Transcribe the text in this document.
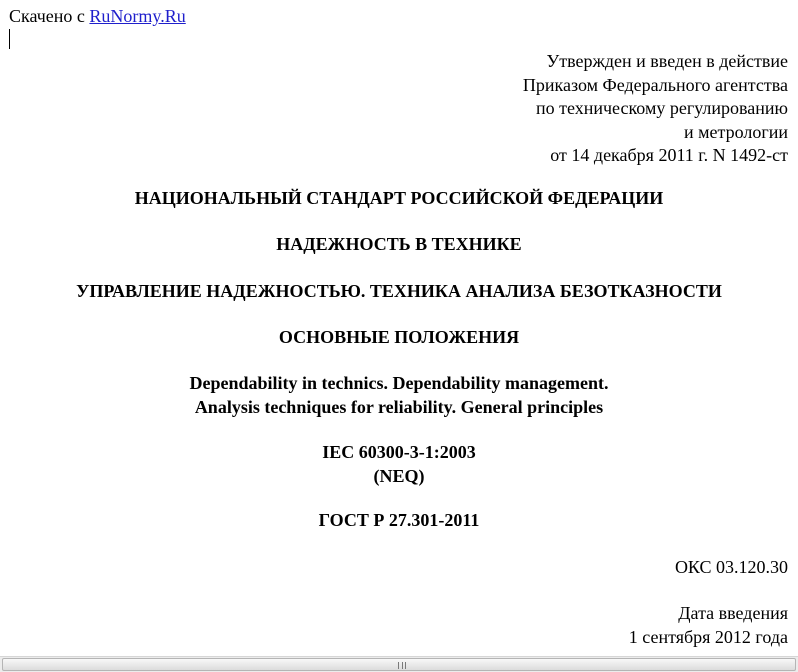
Скачено с RuNormy.Ru
Утвержден и введен в действие
Приказом Федерального агентства
по техническому регулированию
и метрологии
от 14 декабря 2011 г. N 1492-ст
НАЦИОНАЛЬНЫЙ СТАНДАРТ РОССИЙСКОЙ ФЕДЕРАЦИИ
НАДЕЖНОСТЬ В ТЕХНИКЕ
УПРАВЛЕНИЕ НАДЕЖНОСТЬЮ. ТЕХНИКА АНАЛИЗА БЕЗОТКАЗНОСТИ
ОСНОВНЫЕ ПОЛОЖЕНИЯ
Dependability in technics. Dependability management.
Analysis techniques for reliability. General principles
IEC 60300-3-1:2003
(NEQ)
ГОСТ Р 27.301-2011
ОКС 03.120.30
Дата введения
1 сентября 2012 года
